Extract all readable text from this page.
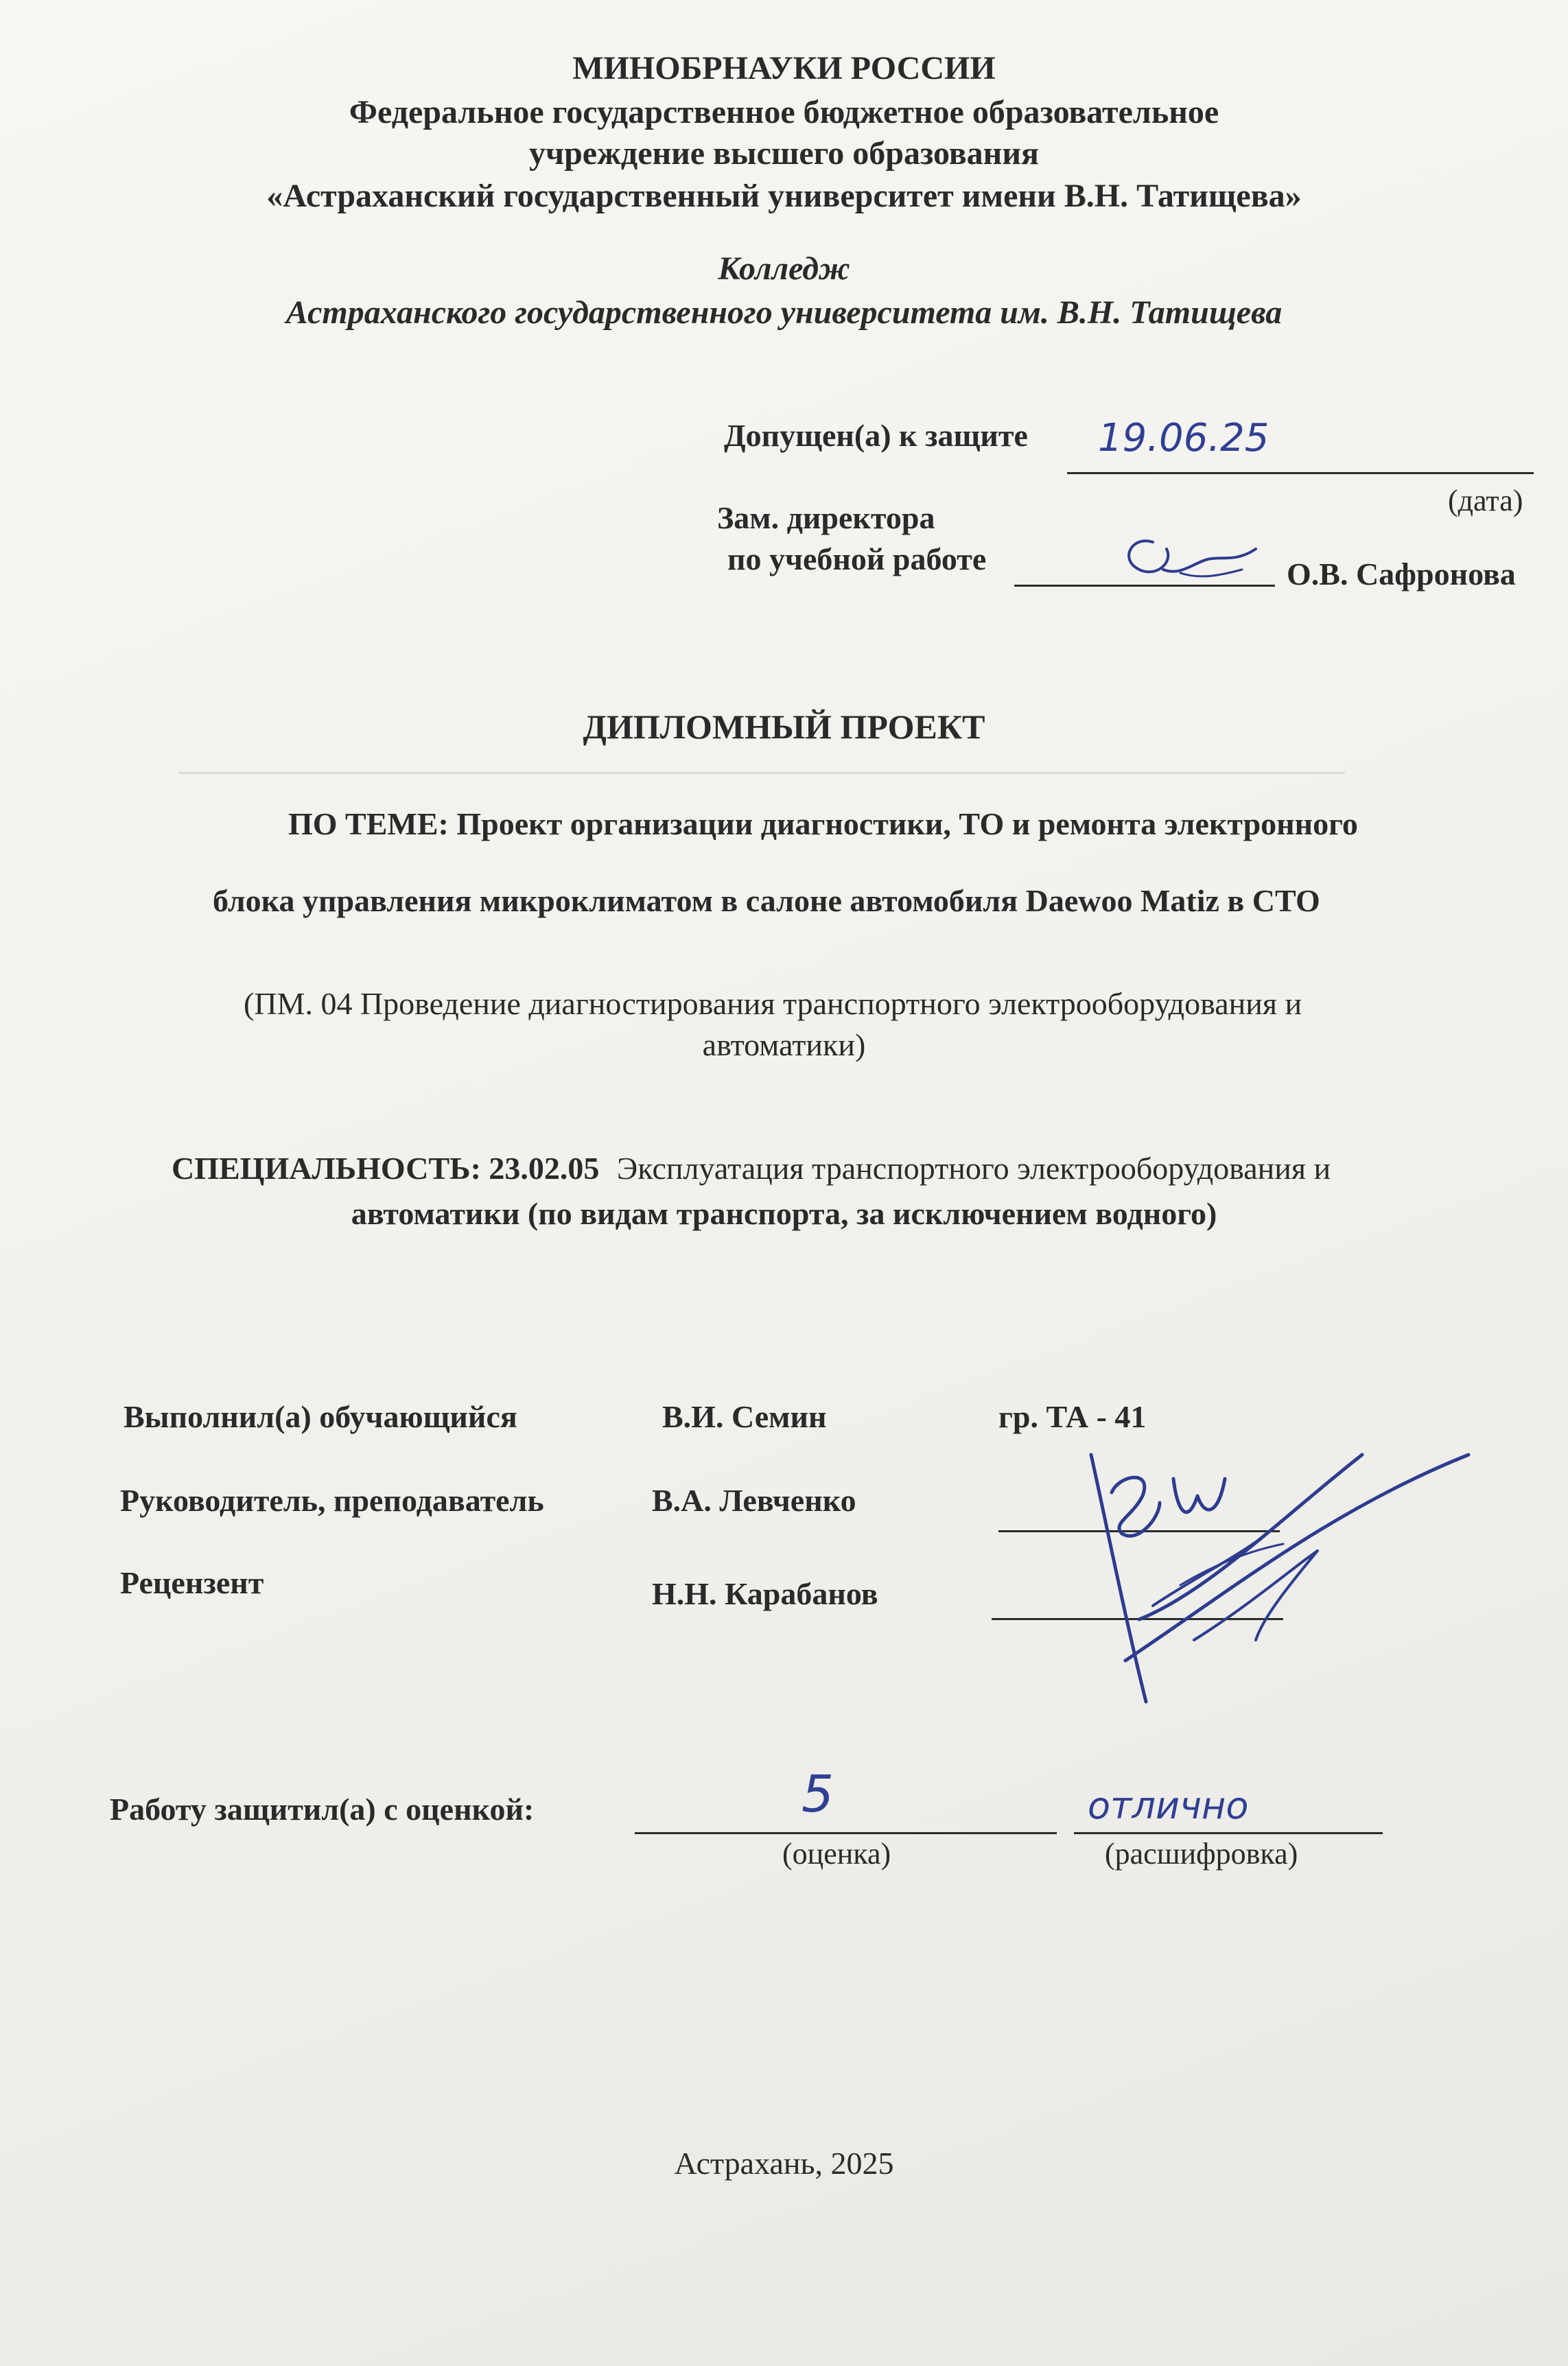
МИНОБРНАУКИ РОССИИ
Федеральное государственное бюджетное образовательное
учреждение высшего образования
«Астраханский государственный университет имени В.Н. Татищева»
Колледж
Астраханского государственного университета им. В.Н. Татищева
Допущен(а) к защите 19.06.25
(дата)
Зам. директора
по учебной работе	О.В. Сафронова
ДИПЛОМНЫЙ ПРОЕКТ
ПО ТЕМЕ: Проект организации диагностики, ТО и ремонта электронного
блока управления микроклиматом в салоне автомобиля Daewoo Matiz в СТО
(ПМ. 04 Проведение диагностирования транспортного электрооборудования и
автоматики)
СПЕЦИАЛЬНОСТЬ: 23.02.05 Эксплуатация транспортного электрооборудования и
автоматики (по видам транспорта, за исключением водного)
Выполнил(а) обучающийся	В.И. Семин	гр. ТА - 41
Руководитель, преподаватель	В.А. Левченко
Рецензент	Н.Н. Карабанов
Работу защитил(а) с оценкой:	5
(оценка)
отлично
(расшифровка)
Астрахань, 2025
